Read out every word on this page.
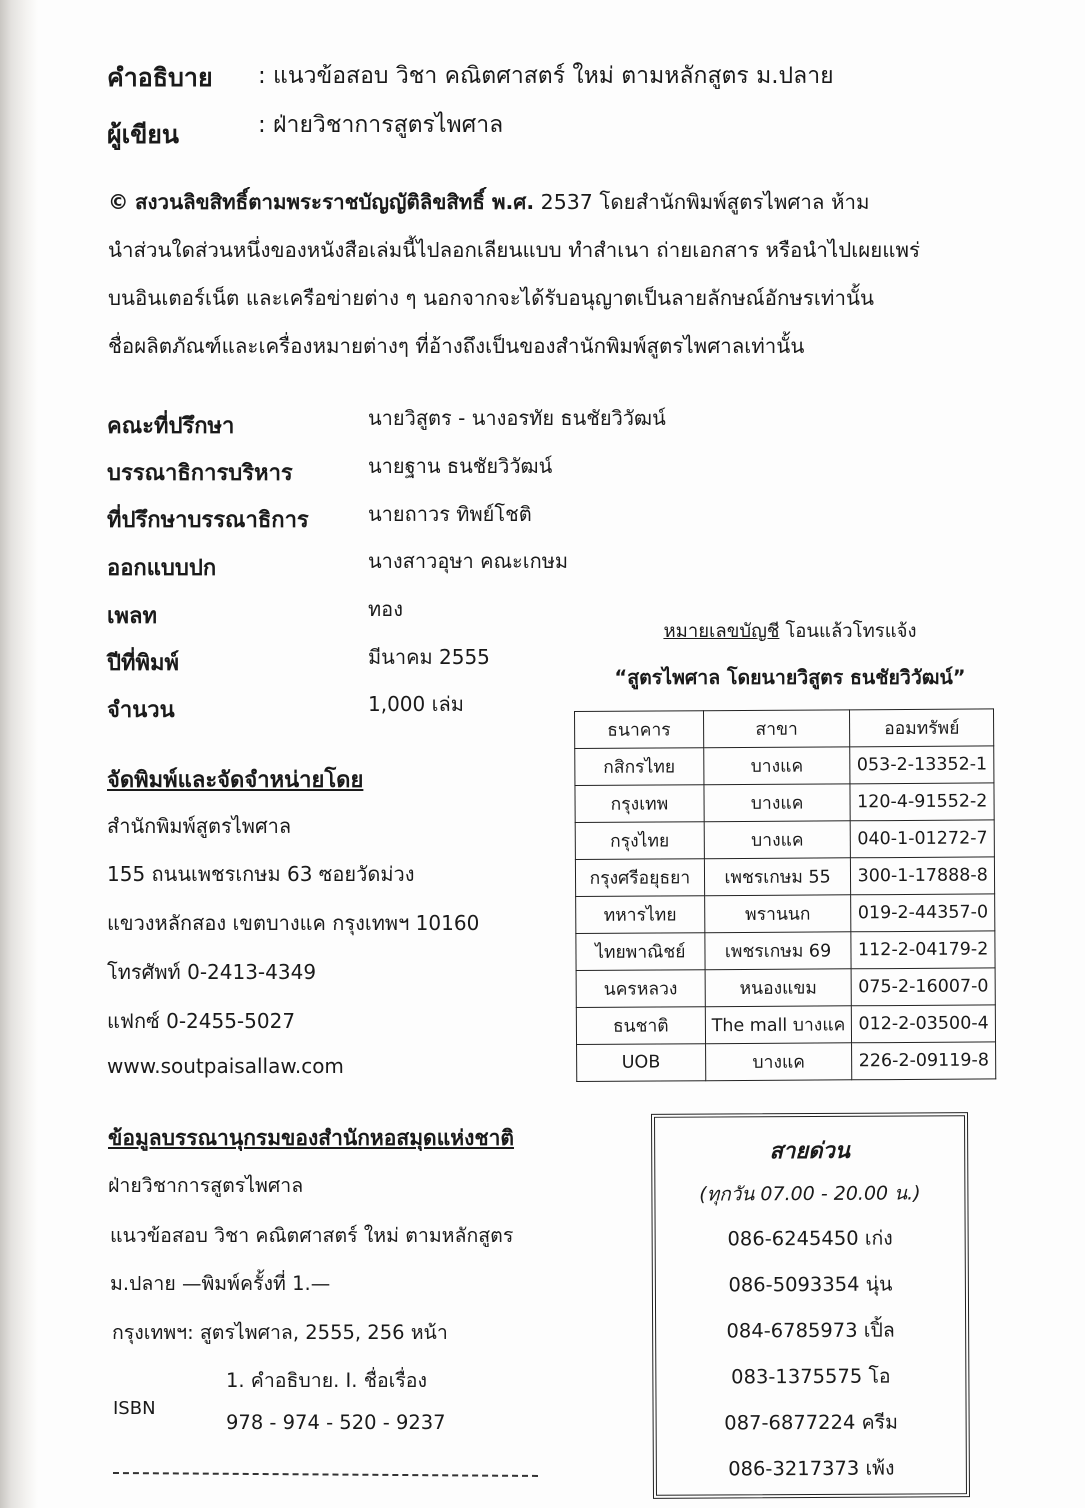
คำอธิบาย : แนวข้อสอบ วิชา คณิตศาสตร์ ใหม่ ตามหลักสูตร ม.ปลาย
ผู้เขียน	: ฝ่ายวิชาการสูตรไพศาล

© สงวนลิขสิทธิ์ตามพระราชบัญญัติลิขสิทธิ์ พ.ศ. 2537 โดยสำนักพิมพ์สูตรไพศาล ห้าม

นำส่วนใดส่วนหนึ่งของหนังสือเล่มนี้ไปลอกเลียนแบบ ทำสำเนา ถ่ายเอกสาร หรือนำไปเผยแพร่

บนอินเตอร์เน็ต และเครือข่ายต่าง ๆ นอกจากจะได้รับอนุญาตเป็นลายลักษณ์อักษรเท่านั้น

ชื่อผลิตภัณฑ์และเครื่องหมายต่างๆ ที่อ้างถึงเป็นของสำนักพิมพ์สูตรไพศาลเท่านั้น

คณะที่ปรึกษา	นายวิสูตร - นางอรทัย ธนชัยวิวัฒน์
บรรณาธิการบริหาร	นายฐาน ธนชัยวิวัฒน์
ที่ปรึกษาบรรณาธิการ	นายถาวร ทิพย์โชติ
ออกแบบปก	นางสาวอุษา คณะเกษม
เพลท	ทอง
ปีที่พิมพ์	มีนาคม 2555
จำนวน	1,000 เล่ม
หมายเลขบัญชี โอนแล้วโทรแจ้ง
“สูตรไพศาล โดยนายวิสูตร ธนชัยวิวัฒน์”
ธนาคาร	สาขา	ออมทรัพย์
กสิกรไทย	บางแค	053-2-13352-1
กรุงเทพ	บางแค	120-4-91552-2
กรุงไทย	บางแค	040-1-01272-7
กรุงศรีอยุธยา	เพชรเกษม 55	300-1-17888-8
ทหารไทย	พรานนก	019-2-44357-0
ไทยพาณิชย์	เพชรเกษม 69	112-2-04179-2
นครหลวง	หนองแขม	075-2-16007-0
ธนชาติ	The mall บางแค	012-2-03500-4
UOB	บางแค	226-2-09119-8
จัดพิมพ์และจัดจำหน่ายโดย
สำนักพิมพ์สูตรไพศาล
155 ถนนเพชรเกษม 63 ซอยวัดม่วง
แขวงหลักสอง เขตบางแค กรุงเทพฯ 10160
โทรศัพท์ 0-2413-4349
แฟกซ์ 0-2455-5027
www.soutpaisallaw.com
ข้อมูลบรรณานุกรมของสำนักหอสมุดแห่งชาติ
ฝ่ายวิชาการสูตรไพศาล
แนวข้อสอบ วิชา คณิตศาสตร์ ใหม่ ตามหลักสูตร
ม.ปลาย —พิมพ์ครั้งที่ 1.—
กรุงเทพฯ: สูตรไพศาล, 2555, 256 หน้า
1. คำอธิบาย. I. ชื่อเรื่อง
ISBN
978 - 974 - 520 - 9237
สายด่วน
(ทุกวัน 07.00 - 20.00 น.)
086-6245450 เก่ง
086-5093354 นุ่น
084-6785973 เปิ้ล
083-1375575 โอ
087-6877224 ครีม
086-3217373 เพ้ง
